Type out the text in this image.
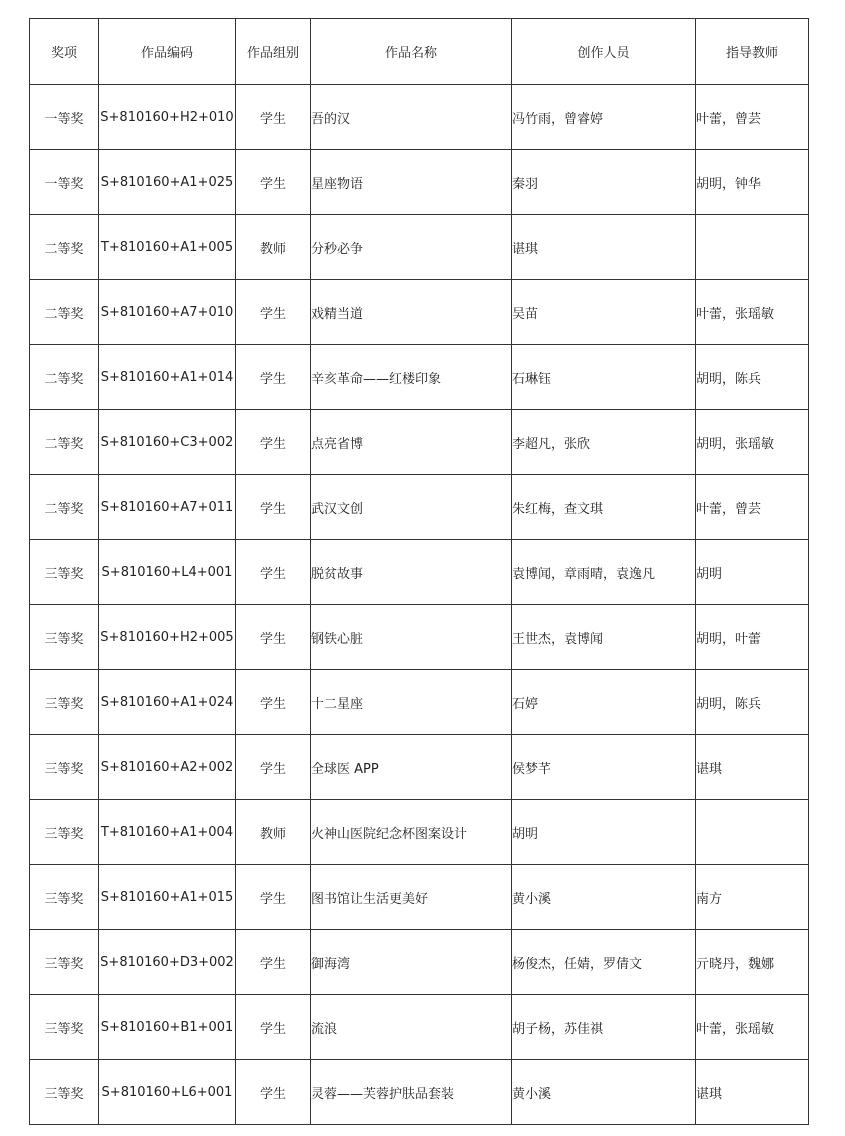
奖项	作品编码	作品组别	作品名称	创作人员	指导教师
一等奖	S+810160+H2+010	学生	吾的汉	冯竹雨，曾睿婷	叶蕾，曾芸
一等奖	S+810160+A1+025	学生	星座物语	秦羽	胡明，钟华
二等奖	T+810160+A1+005	教师	分秒必争	谌琪	
二等奖	S+810160+A7+010	学生	戏精当道	吴苗	叶蕾，张瑶敏
二等奖	S+810160+A1+014	学生	辛亥革命——红楼印象	石琳钰	胡明，陈兵
二等奖	S+810160+C3+002	学生	点亮省博	李超凡，张欣	胡明，张瑶敏
二等奖	S+810160+A7+011	学生	武汉文创	朱红梅，查文琪	叶蕾，曾芸
三等奖	S+810160+L4+001	学生	脱贫故事	袁博闻，章雨晴，袁逸凡	胡明
三等奖	S+810160+H2+005	学生	钢铁心脏	王世杰，袁博闻	胡明，叶蕾
三等奖	S+810160+A1+024	学生	十二星座	石婷	胡明，陈兵
三等奖	S+810160+A2+002	学生	全球医 APP	侯梦芊	谌琪
三等奖	T+810160+A1+004	教师	火神山医院纪念杯图案设计	胡明	
三等奖	S+810160+A1+015	学生	图书馆让生活更美好	黄小溪	南方
三等奖	S+810160+D3+002	学生	御海湾	杨俊杰，任婧，罗倩文	亓晓丹，魏娜
三等奖	S+810160+B1+001	学生	流浪	胡子杨，苏佳祺	叶蕾，张瑶敏
三等奖	S+810160+L6+001	学生	灵蓉——芙蓉护肤品套装	黄小溪	谌琪
